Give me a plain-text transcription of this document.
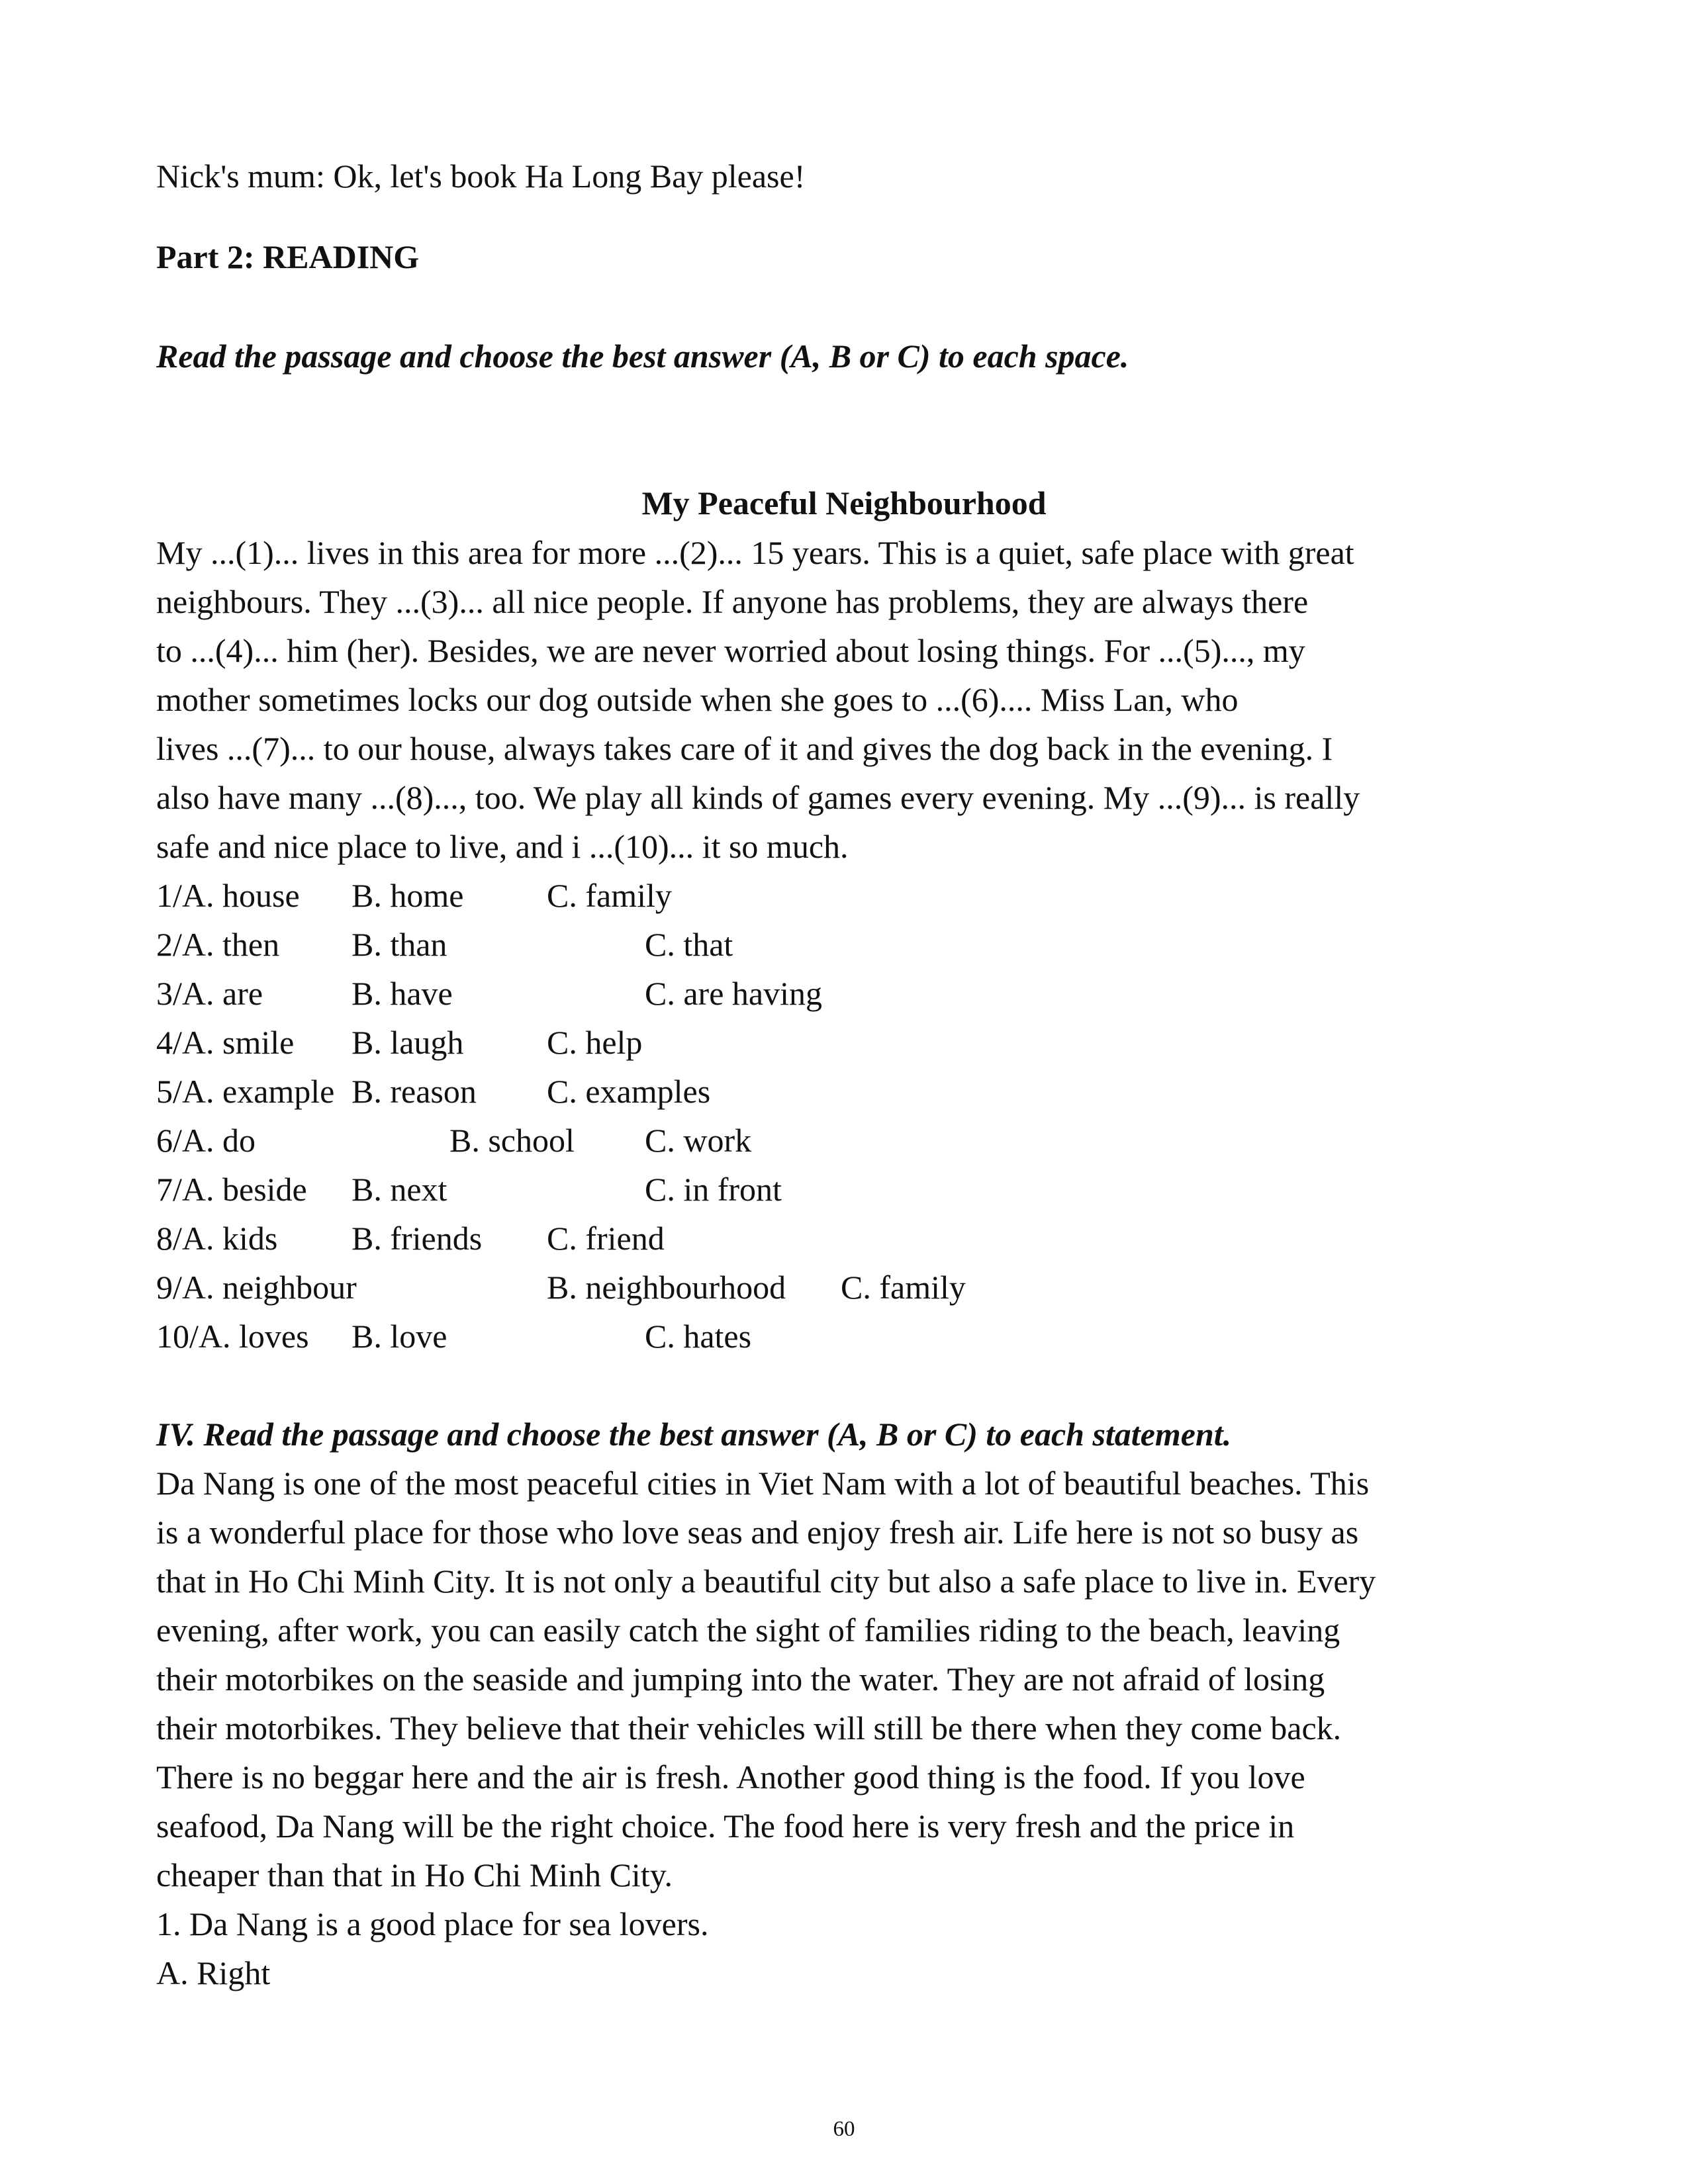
Nick's mum: Ok, let's book Ha Long Bay please!
Part 2: READING
Read the passage and choose the best answer (A, B or C) to each space.
My Peaceful Neighbourhood
My ...(1)... lives in this area for more ...(2)... 15 years. This is a quiet, safe place with great
neighbours. They ...(3)... all nice people. If anyone has problems, they are always there
to ...(4)... him (her). Besides, we are never worried about losing things. For ...(5)..., my
mother sometimes locks our dog outside when she goes to ...(6).... Miss Lan, who
lives ...(7)... to our house, always takes care of it and gives the dog back in the evening. I
also have many ...(8)..., too. We play all kinds of games every evening. My ...(9)... is really
safe and nice place to live, and i ...(10)... it so much.
1/A. house B. home	C. family
2/A. then B. than	C. that
3/A. are	B. have	C. are having
4/A. smile B. laugh	C. help
5/A. example B. reason C. examples
6/A. do	B. school C. work
7/A. beside B. next	C. in front
8/A. kids B. friends C. friend
9/A. neighbour	B. neighbourhood C. family
10/A. loves B. love	C. hates
IV. Read the passage and choose the best answer (A, B or C) to each statement.
Da Nang is one of the most peaceful cities in Viet Nam with a lot of beautiful beaches. This
is a wonderful place for those who love seas and enjoy fresh air. Life here is not so busy as
that in Ho Chi Minh City. It is not only a beautiful city but also a safe place to live in. Every
evening, after work, you can easily catch the sight of families riding to the beach, leaving
their motorbikes on the seaside and jumping into the water. They are not afraid of losing
their motorbikes. They believe that their vehicles will still be there when they come back.
There is no beggar here and the air is fresh. Another good thing is the food. If you love
seafood, Da Nang will be the right choice. The food here is very fresh and the price in
cheaper than that in Ho Chi Minh City.
1. Da Nang is a good place for sea lovers.
A. Right
60
